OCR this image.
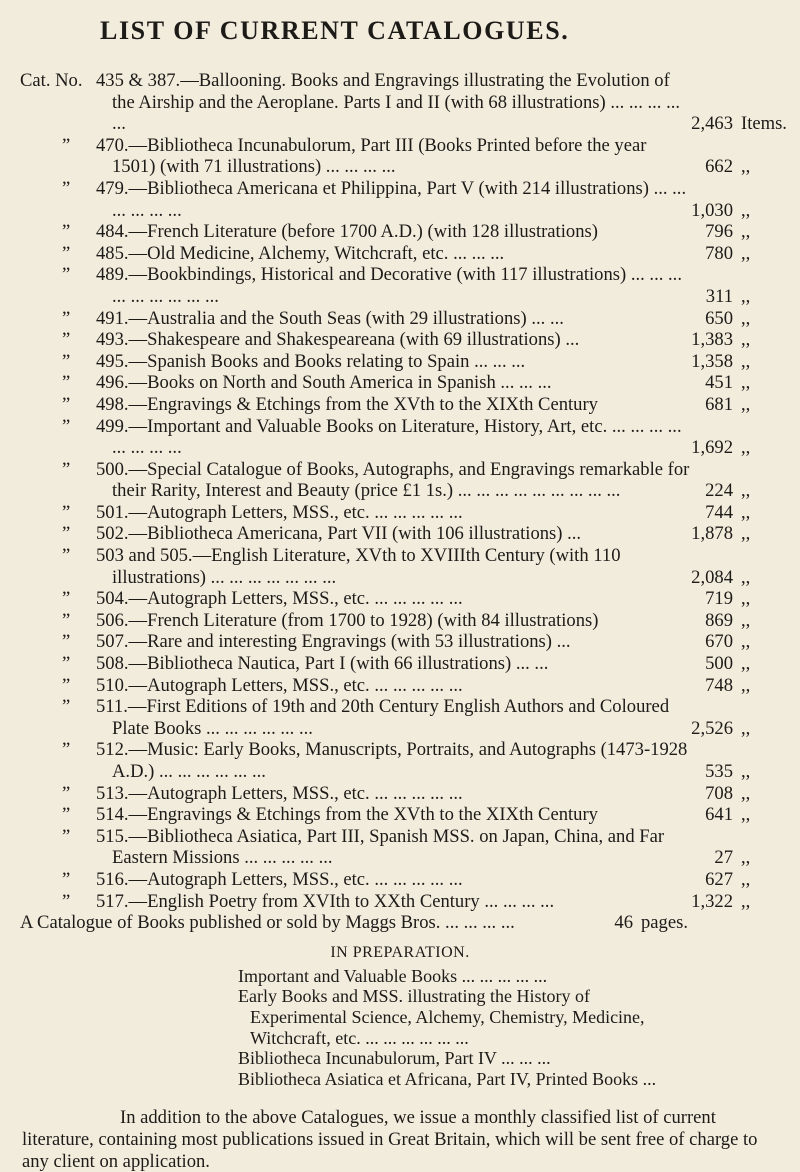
LIST OF CURRENT CATALOGUES.
Cat. No. 435 & 387.—Ballooning. Books and Engravings illustrating the Evolution of the Airship and the Aeroplane. Parts I and II (with 68 illustrations) ... ... ... ... ...	2,463 Items.
”	470.—Bibliotheca Incunabulorum, Part III (Books Printed before the year 1501) (with 71 illustrations) ... ... ... ...	662 ,,
”	479.—Bibliotheca Americana et Philippina, Part V (with 214 illustrations) ... ... ... ... ... ...	1,030 ,,
”	484.—French Literature (before 1700 A.D.) (with 128 illustrations)	796 ,,
”	485.—Old Medicine, Alchemy, Witchcraft, etc. ... ... ...	780 ,,
”	489.—Bookbindings, Historical and Decorative (with 117 illustrations) ... ... ... ... ... ... ... ... ...	311 ,,
”	491.—Australia and the South Seas (with 29 illustrations) ... ...	650 ,,
”	493.—Shakespeare and Shakespeareana (with 69 illustrations) ...	1,383 ,,
”	495.—Spanish Books and Books relating to Spain ... ... ...	1,358 ,,
”	496.—Books on North and South America in Spanish ... ... ...	451 ,,
”	498.—Engravings & Etchings from the XVth to the XIXth Century	681 ,,
”	499.—Important and Valuable Books on Literature, History, Art, etc. ... ... ... ... ... ... ... ...	1,692 ,,
”	500.—Special Catalogue of Books, Autographs, and Engravings remarkable for their Rarity, Interest and Beauty (price £1 1s.) ... ... ... ... ... ... ... ... ...	224 ,,
”	501.—Autograph Letters, MSS., etc. ... ... ... ... ...	744 ,,
”	502.—Bibliotheca Americana, Part VII (with 106 illustrations) ...	1,878 ,,
”	503 and 505.—English Literature, XVth to XVIIIth Century (with 110 illustrations) ... ... ... ... ... ... ...	2,084 ,,
”	504.—Autograph Letters, MSS., etc. ... ... ... ... ...	719 ,,
”	506.—French Literature (from 1700 to 1928) (with 84 illustrations)	869 ,,
”	507.—Rare and interesting Engravings (with 53 illustrations) ...	670 ,,
”	508.—Bibliotheca Nautica, Part I (with 66 illustrations) ... ...	500 ,,
”	510.—Autograph Letters, MSS., etc. ... ... ... ... ...	748 ,,
”	511.—First Editions of 19th and 20th Century English Authors and Coloured Plate Books ... ... ... ... ... ...	2,526 ,,
”	512.—Music: Early Books, Manuscripts, Portraits, and Autographs (1473-1928 A.D.) ... ... ... ... ... ...	535 ,,
”	513.—Autograph Letters, MSS., etc. ... ... ... ... ...	708 ,,
”	514.—Engravings & Etchings from the XVth to the XIXth Century	641 ,,
”	515.—Bibliotheca Asiatica, Part III, Spanish MSS. on Japan, China, and Far Eastern Missions ... ... ... ... ...	27 ,,
”	516.—Autograph Letters, MSS., etc. ... ... ... ... ...	627 ,,
”	517.—English Poetry from XVIth to XXth Century ... ... ... ...	1,322 ,,
A Catalogue of Books published or sold by Maggs Bros. ... ... ... ...	46 pages.
IN PREPARATION.
Important and Valuable Books ... ... ... ... ...
Early Books and MSS. illustrating the History of Experimental Science, Alchemy, Chemistry, Medicine, Witchcraft, etc. ... ... ... ... ... ...
Bibliotheca Incunabulorum, Part IV ... ... ...
Bibliotheca Asiatica et Africana, Part IV, Printed Books ...
In addition to the above Catalogues, we issue a monthly classified list of current literature, containing most publications issued in Great Britain, which will be sent free of charge to any client on application.
